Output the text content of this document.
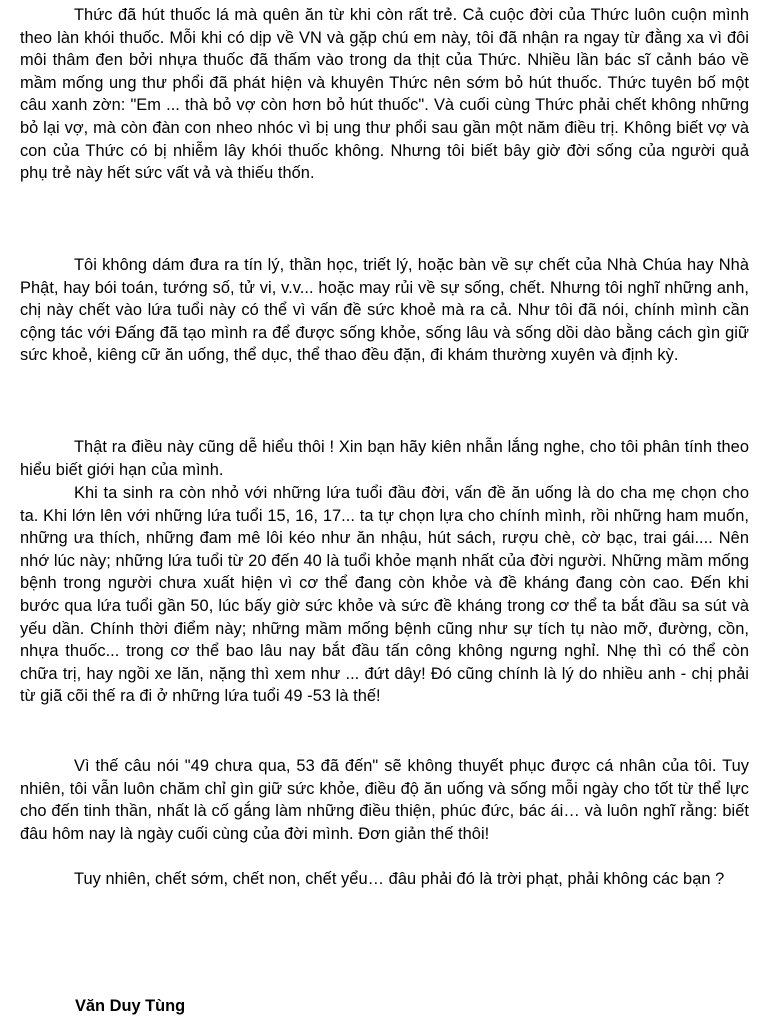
Thức đã hút thuốc lá mà quên ăn từ khi còn rất trẻ. Cả cuộc đời của Thức luôn cuộn mình theo làn khói thuốc. Mỗi khi có dịp về VN và gặp chú em này, tôi đã nhận ra ngay từ đằng xa vì đôi môi thâm đen bởi nhựa thuốc đã thấm vào trong da thịt của Thức. Nhiều lần bác sĩ cảnh báo về mầm mống ung thư phổi đã phát hiện và khuyên Thức nên sớm bỏ hút thuốc. Thức tuyên bố một câu xanh zờn: "Em ... thà bỏ vợ còn hơn bỏ hút thuốc". Và cuối cùng Thức phải chết không những bỏ lại vợ, mà còn đàn con nheo nhóc vì bị ung thư phổi sau gần một năm điều trị. Không biết vợ và con của Thức có bị nhiễm lây khói thuốc không. Nhưng tôi biết bây giờ đời sống của người quả phụ trẻ này hết sức vất vả và thiếu thốn.

Tôi không dám đưa ra tín lý, thần học, triết lý, hoặc bàn về sự chết của Nhà Chúa hay Nhà Phật, hay bói toán, tướng số, tử vi, v.v... hoặc may rủi về sự sống, chết. Nhưng tôi nghĩ những anh, chị này chết vào lứa tuổi này có thể vì vấn đề sức khoẻ mà ra cả. Như tôi đã nói, chính mình cần cộng tác với Đấng đã tạo mình ra để được sống khỏe, sống lâu và sống dồi dào bằng cách gìn giữ sức khoẻ, kiêng cữ ăn uống, thể dục, thể thao đều đặn, đi khám thường xuyên và định kỳ.

Thật ra điều này cũng dễ hiểu thôi ! Xin bạn hãy kiên nhẫn lắng nghe, cho tôi phân tính theo hiểu biết giới hạn của mình.

Khi ta sinh ra còn nhỏ với những lứa tuổi đầu đời, vấn đề ăn uống là do cha mẹ chọn cho ta. Khi lớn lên với những lứa tuổi 15, 16, 17... ta tự chọn lựa cho chính mình, rồi những ham muốn, những ưa thích, những đam mê lôi kéo như ăn nhậu, hút sách, rượu chè, cờ bạc, trai gái.... Nên nhớ lúc này; những lứa tuổi từ 20 đến 40 là tuổi khỏe mạnh nhất của đời người. Những mầm mống bệnh trong người chưa xuất hiện vì cơ thể đang còn khỏe và đề kháng đang còn cao. Đến khi bước qua lứa tuổi gần 50, lúc bấy giờ sức khỏe và sức đề kháng trong cơ thể ta bắt đầu sa sút và yếu dần. Chính thời điểm này; những mầm mống bệnh cũng như sự tích tụ nào mỡ, đường, cồn, nhựa thuốc... trong cơ thể bao lâu nay bắt đầu tấn công không ngưng nghỉ. Nhẹ thì có thể còn chữa trị, hay ngồi xe lăn, nặng thì xem như ... đứt dây! Đó cũng chính là lý do nhiều anh - chị phải từ giã cõi thế ra đi ở những lứa tuổi 49 -53 là thế!

Vì thế câu nói "49 chưa qua, 53 đã đến" sẽ không thuyết phục được cá nhân của tôi. Tuy nhiên, tôi vẫn luôn chăm chỉ gìn giữ sức khỏe, điều độ ăn uống và sống mỗi ngày cho tốt từ thể lực cho đến tinh thần, nhất là cố gắng làm những điều thiện, phúc đức, bác ái… và luôn nghĩ rằng: biết đâu hôm nay là ngày cuối cùng của đời mình. Đơn giản thế thôi!

Tuy nhiên, chết sớm, chết non, chết yểu… đâu phải đó là trời phạt, phải không các bạn ?

Văn Duy Tùng
